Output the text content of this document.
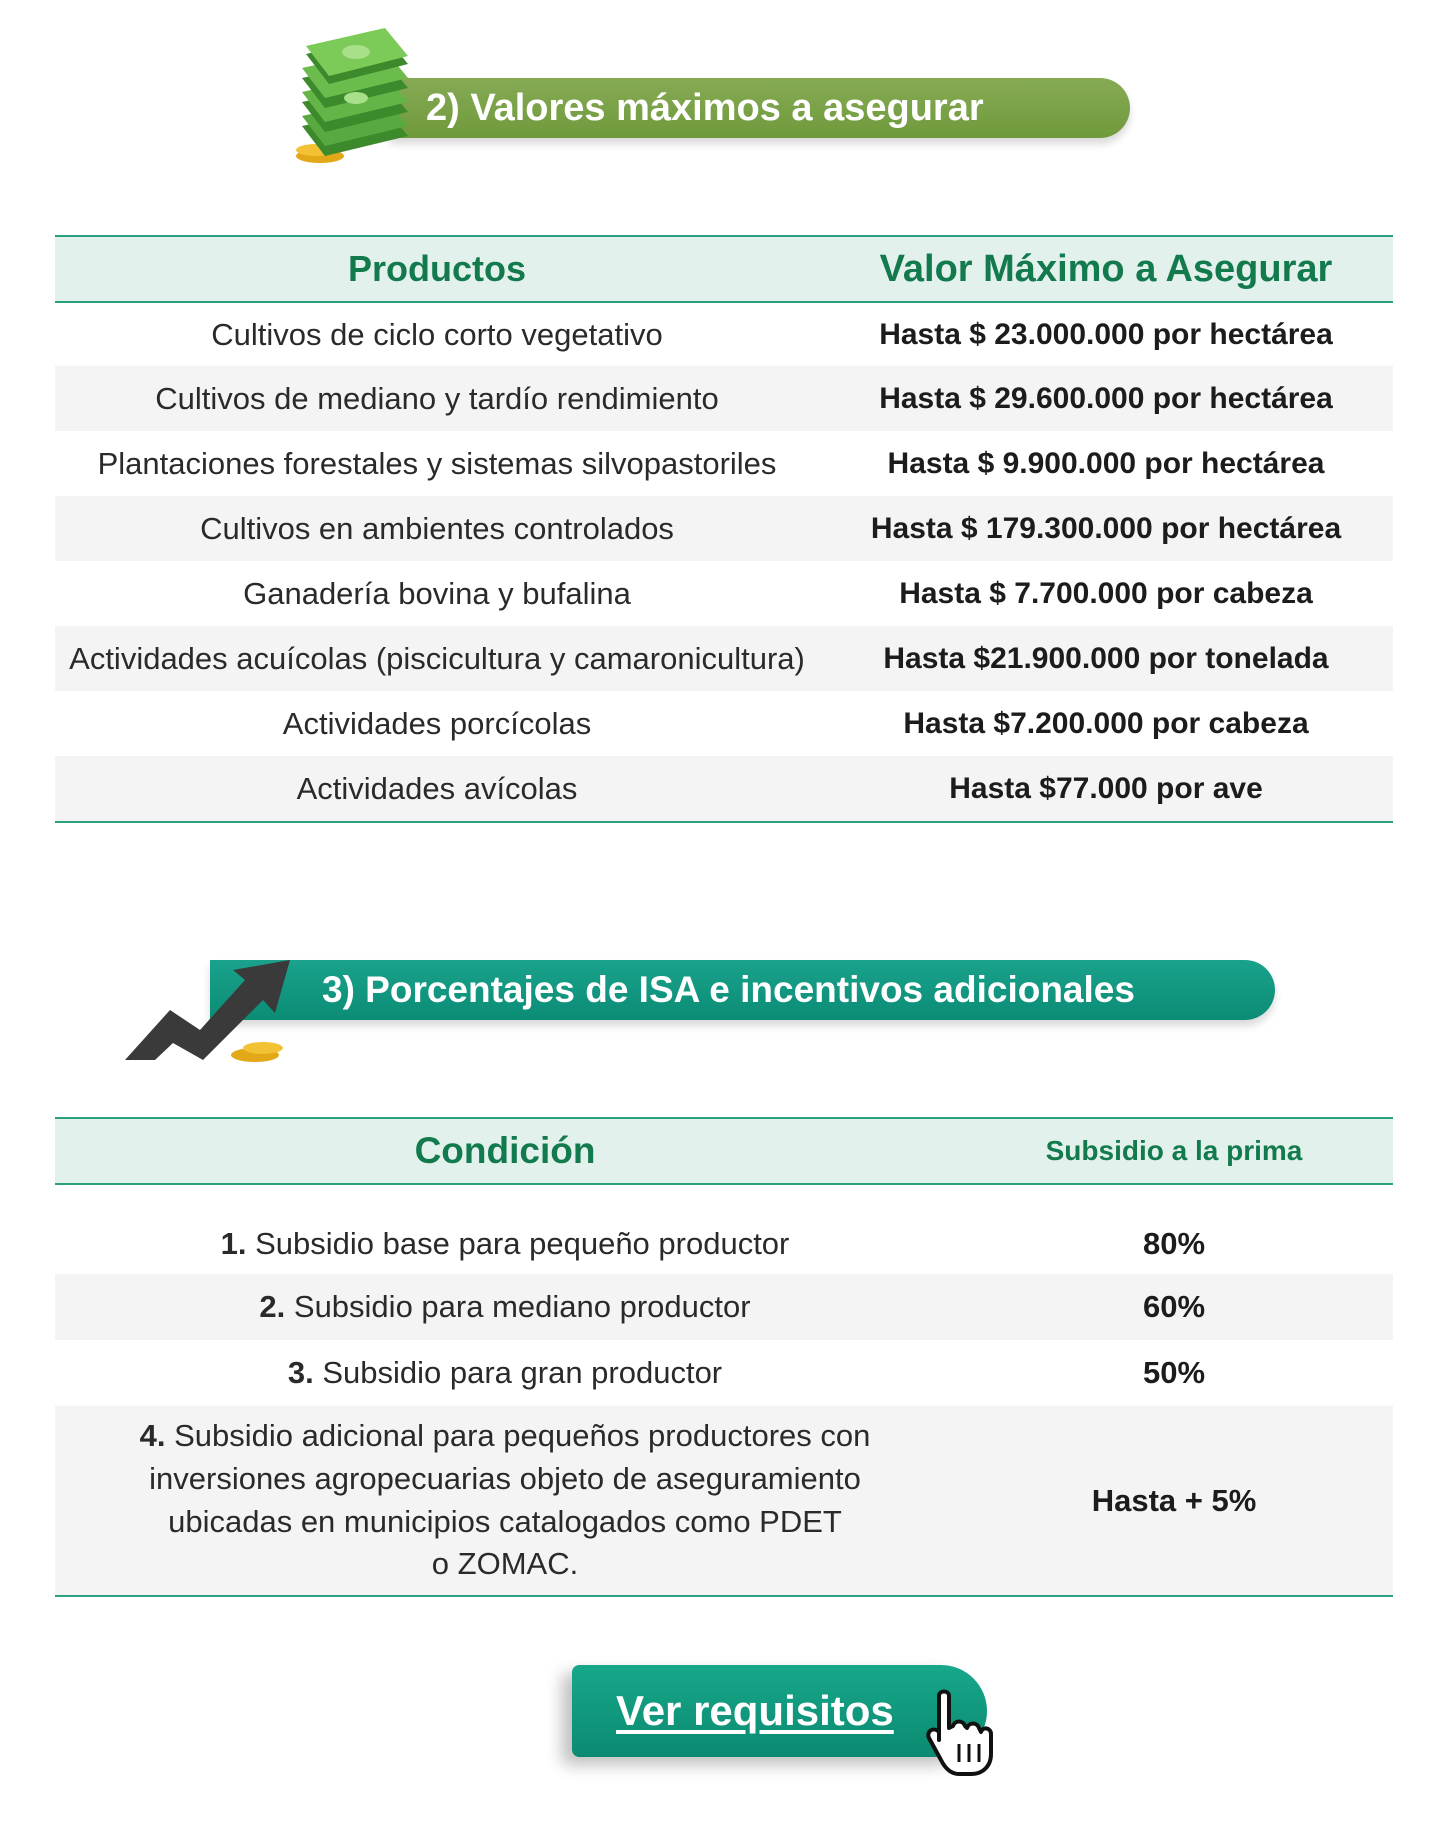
2) Valores máximos a asegurar
Productos	Valor Máximo a Asegurar
Cultivos de ciclo corto vegetativo	Hasta $ 23.000.000 por hectárea
Cultivos de mediano y tardío rendimiento	Hasta $ 29.600.000 por hectárea
Plantaciones forestales y sistemas silvopastoriles	Hasta $ 9.900.000 por hectárea
Cultivos en ambientes controlados	Hasta $ 179.300.000 por hectárea
Ganadería bovina y bufalina	Hasta $ 7.700.000 por cabeza
Actividades acuícolas (piscicultura y camaronicultura)	Hasta $21.900.000 por tonelada
Actividades porcícolas	Hasta $7.200.000 por cabeza
Actividades avícolas	Hasta $77.000 por ave
3) Porcentajes de ISA e incentivos adicionales
Condición	Subsidio a la prima
1. Subsidio base para pequeño productor	80%
2. Subsidio para mediano productor	60%
3. Subsidio para gran productor	50%

4. Subsidio adicional para pequeños productores con
inversiones agropecuarias objeto de aseguramiento
ubicadas en municipios catalogados como PDET
o ZOMAC.	Hasta + 5%
Ver requisitos
